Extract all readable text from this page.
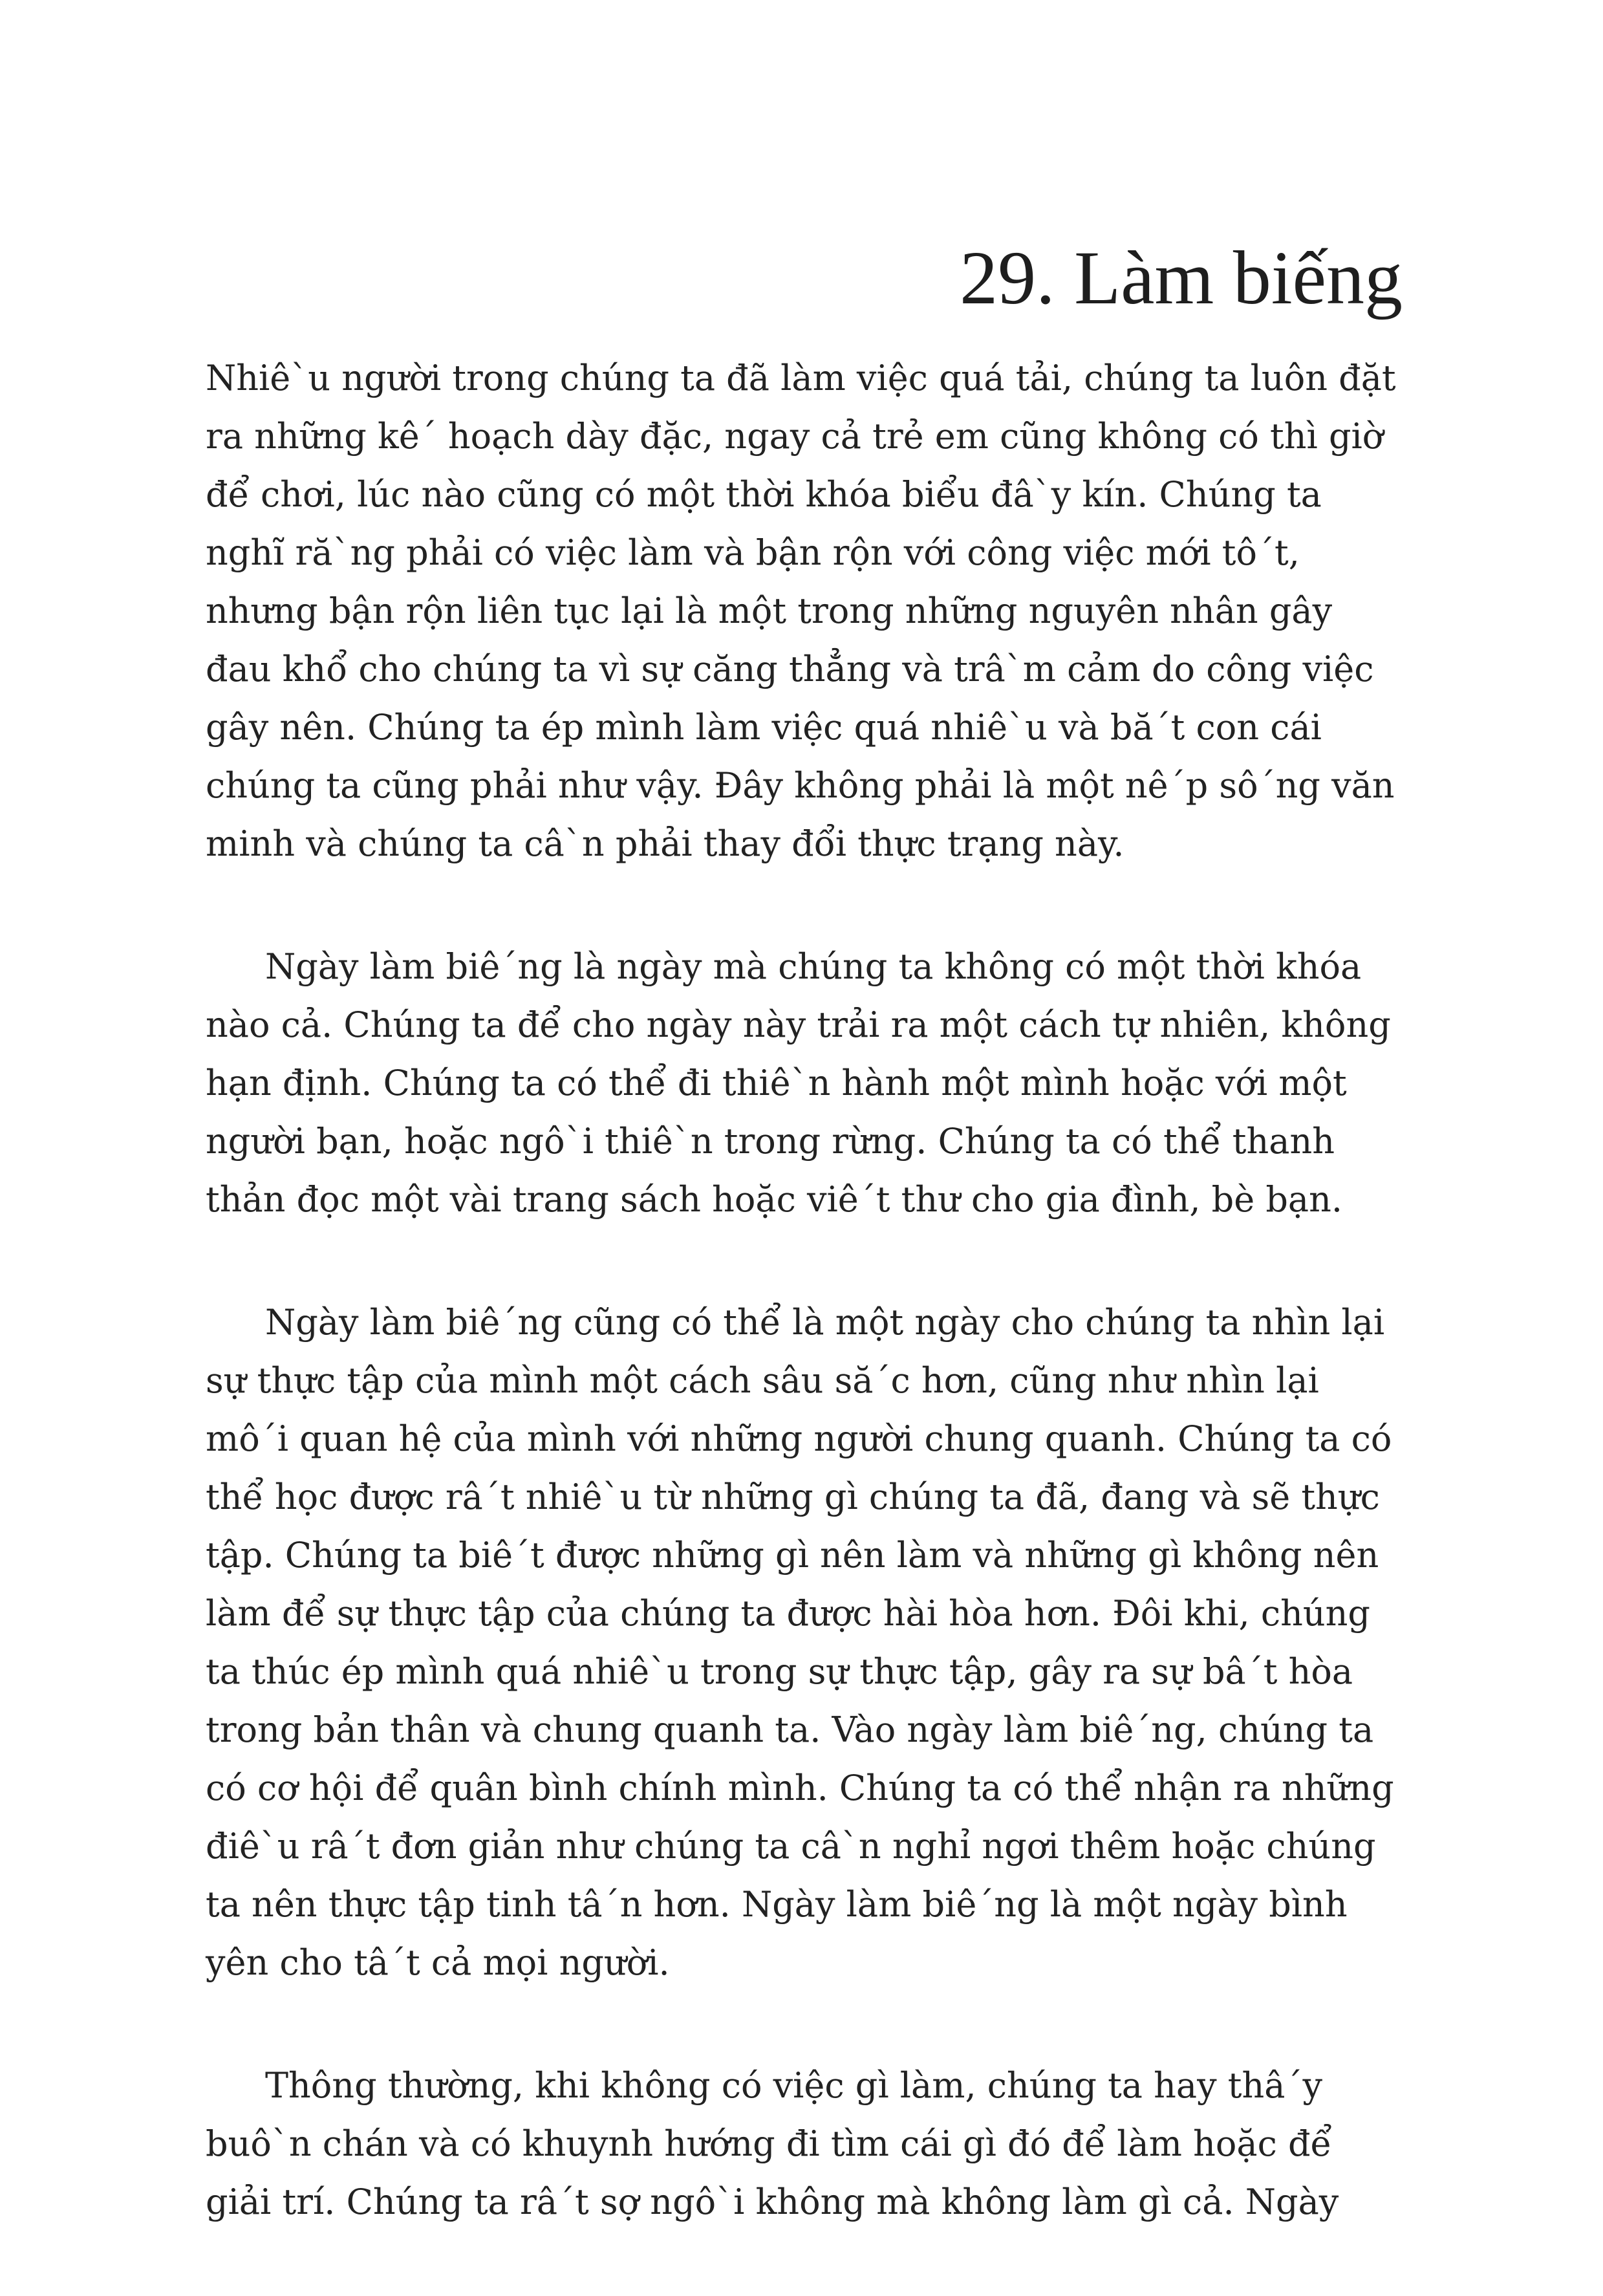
29. Làm biếng

Nhiê`u người trong chúng ta đã làm việc quá tải, chúng ta luôn đặt
ra những kê´ hoạch dày đặc, ngay cả trẻ em cũng không có thì giờ
để chơi, lúc nào cũng có một thời khóa biểu đâ`y kín. Chúng ta
nghĩ ră`ng phải có việc làm và bận rộn với công việc mới tô´t,
nhưng bận rộn liên tục lại là một trong những nguyên nhân gây
đau khổ cho chúng ta vì sự căng thẳng và trâ`m cảm do công việc
gây nên. Chúng ta ép mình làm việc quá nhiê`u và bă´t con cái
chúng ta cũng phải như vậy. Đây không phải là một nê´p sô´ng văn
minh và chúng ta câ`n phải thay đổi thực trạng này.

Ngày làm biê´ng là ngày mà chúng ta không có một thời khóa
nào cả. Chúng ta để cho ngày này trải ra một cách tự nhiên, không
hạn định. Chúng ta có thể đi thiê`n hành một mình hoặc với một
người bạn, hoặc ngô`i thiê`n trong rừng. Chúng ta có thể thanh
thản đọc một vài trang sách hoặc viê´t thư cho gia đình, bè bạn.

Ngày làm biê´ng cũng có thể là một ngày cho chúng ta nhìn lại
sự thực tập của mình một cách sâu să´c hơn, cũng như nhìn lại
mô´i quan hệ của mình với những người chung quanh. Chúng ta có
thể học được râ´t nhiê`u từ những gì chúng ta đã, đang và sẽ thực
tập. Chúng ta biê´t được những gì nên làm và những gì không nên
làm để sự thực tập của chúng ta được hài hòa hơn. Đôi khi, chúng
ta thúc ép mình quá nhiê`u trong sự thực tập, gây ra sự bâ´t hòa
trong bản thân và chung quanh ta. Vào ngày làm biê´ng, chúng ta
có cơ hội để quân bình chính mình. Chúng ta có thể nhận ra những
điê`u râ´t đơn giản như chúng ta câ`n nghỉ ngơi thêm hoặc chúng
ta nên thực tập tinh tâ´n hơn. Ngày làm biê´ng là một ngày bình
yên cho tâ´t cả mọi người.

Thông thường, khi không có việc gì làm, chúng ta hay thâ´y
buô`n chán và có khuynh hướng đi tìm cái gì đó để làm hoặc để
giải trí. Chúng ta râ´t sợ ngô`i không mà không làm gì cả. Ngày
